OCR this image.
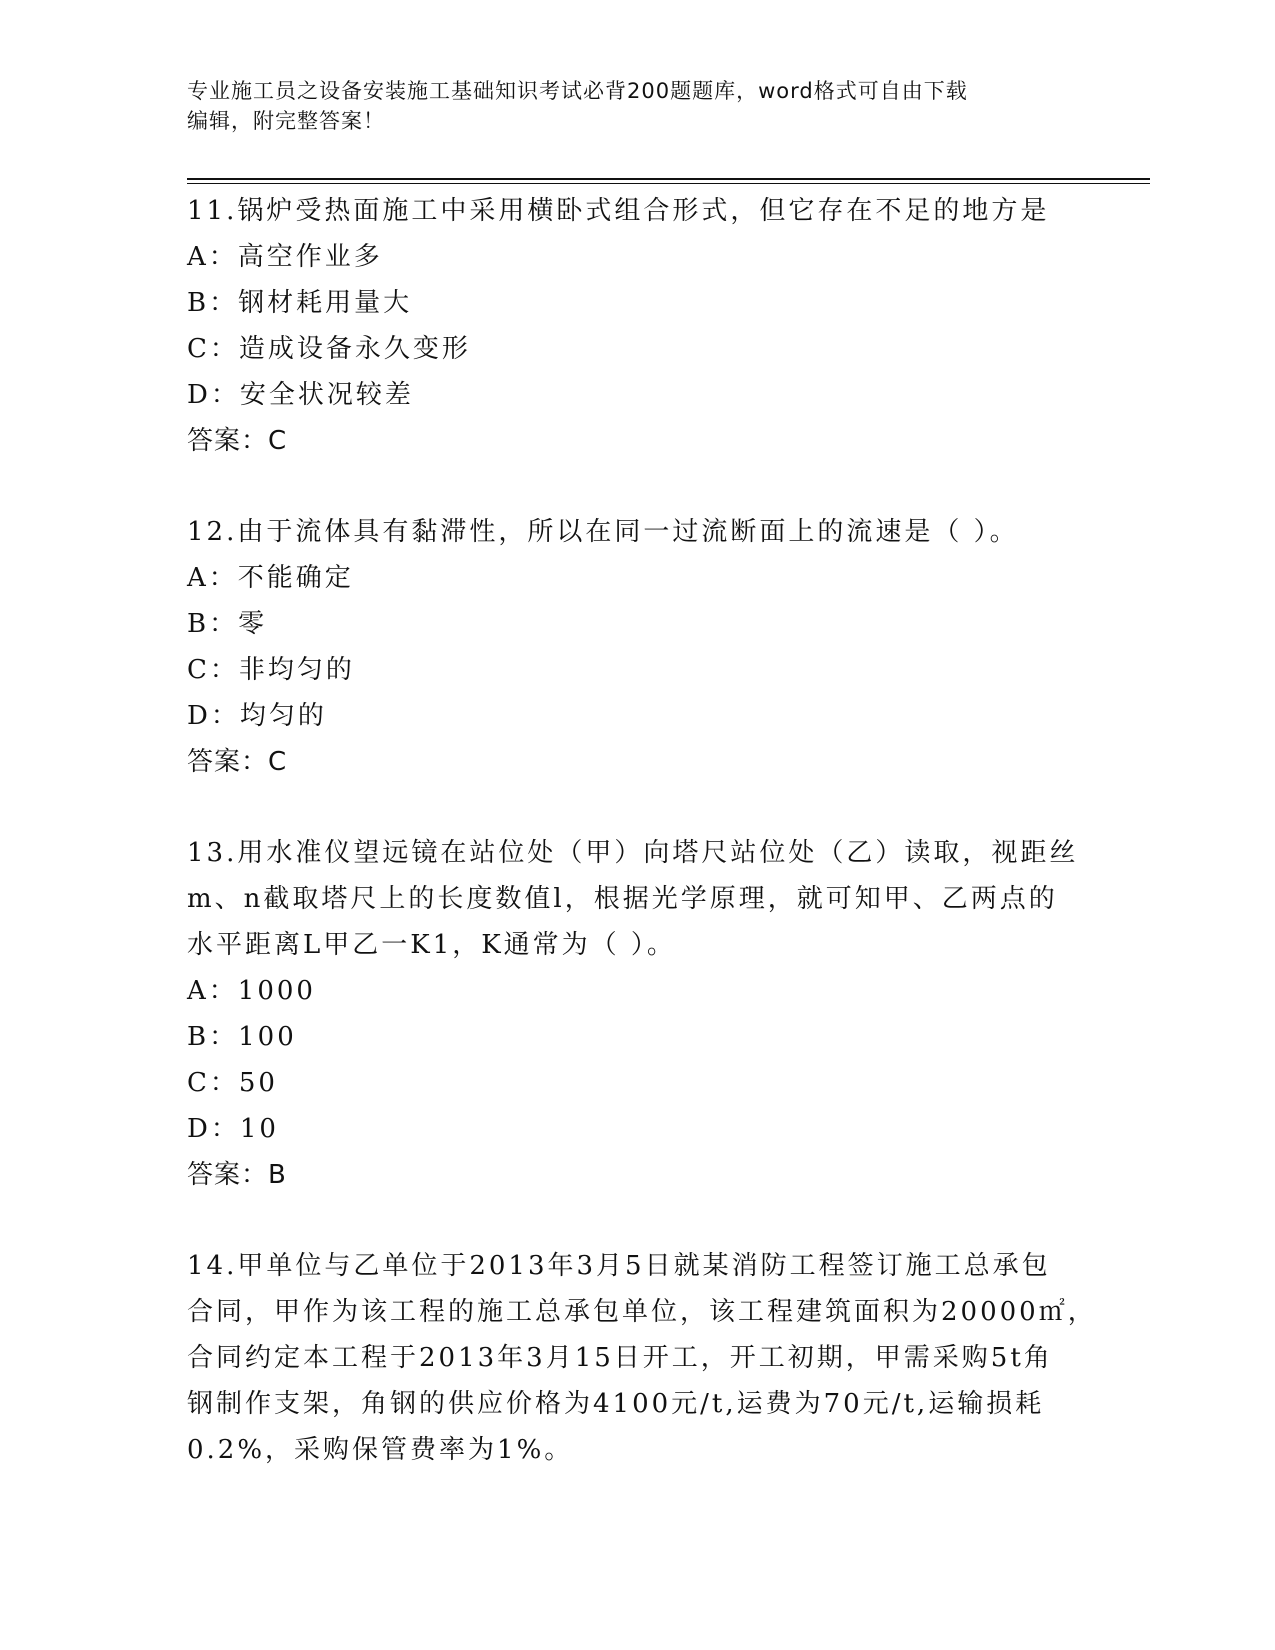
专业施工员之设备安装施工基础知识考试必背200题题库，word格式可自由下载
编辑，附完整答案！
11.锅炉受热面施工中采用横卧式组合形式，但它存在不足的地方是
A：高空作业多
B：钢材耗用量大
C：造成设备永久变形
D：安全状况较差
答案：C
12.由于流体具有黏滞性，所以在同一过流断面上的流速是（ ）。
A：不能确定
B：零
C：非均匀的
D：均匀的
答案：C
13.用水准仪望远镜在站位处（甲）向塔尺站位处（乙）读取，视距丝
m、n截取塔尺上的长度数值l，根据光学原理，就可知甲、乙两点的
水平距离L甲乙一K1，K通常为（ ）。
A：1000
B：100
C：50
D：10
答案：B
14.甲单位与乙单位于2013年3月5日就某消防工程签订施工总承包
合同，甲作为该工程的施工总承包单位，该工程建筑面积为20000㎡，
合同约定本工程于2013年3月15日开工，开工初期，甲需采购5t角
钢制作支架，角钢的供应价格为4100元/t,运费为70元/t,运输损耗
0.2%，采购保管费率为1%。
